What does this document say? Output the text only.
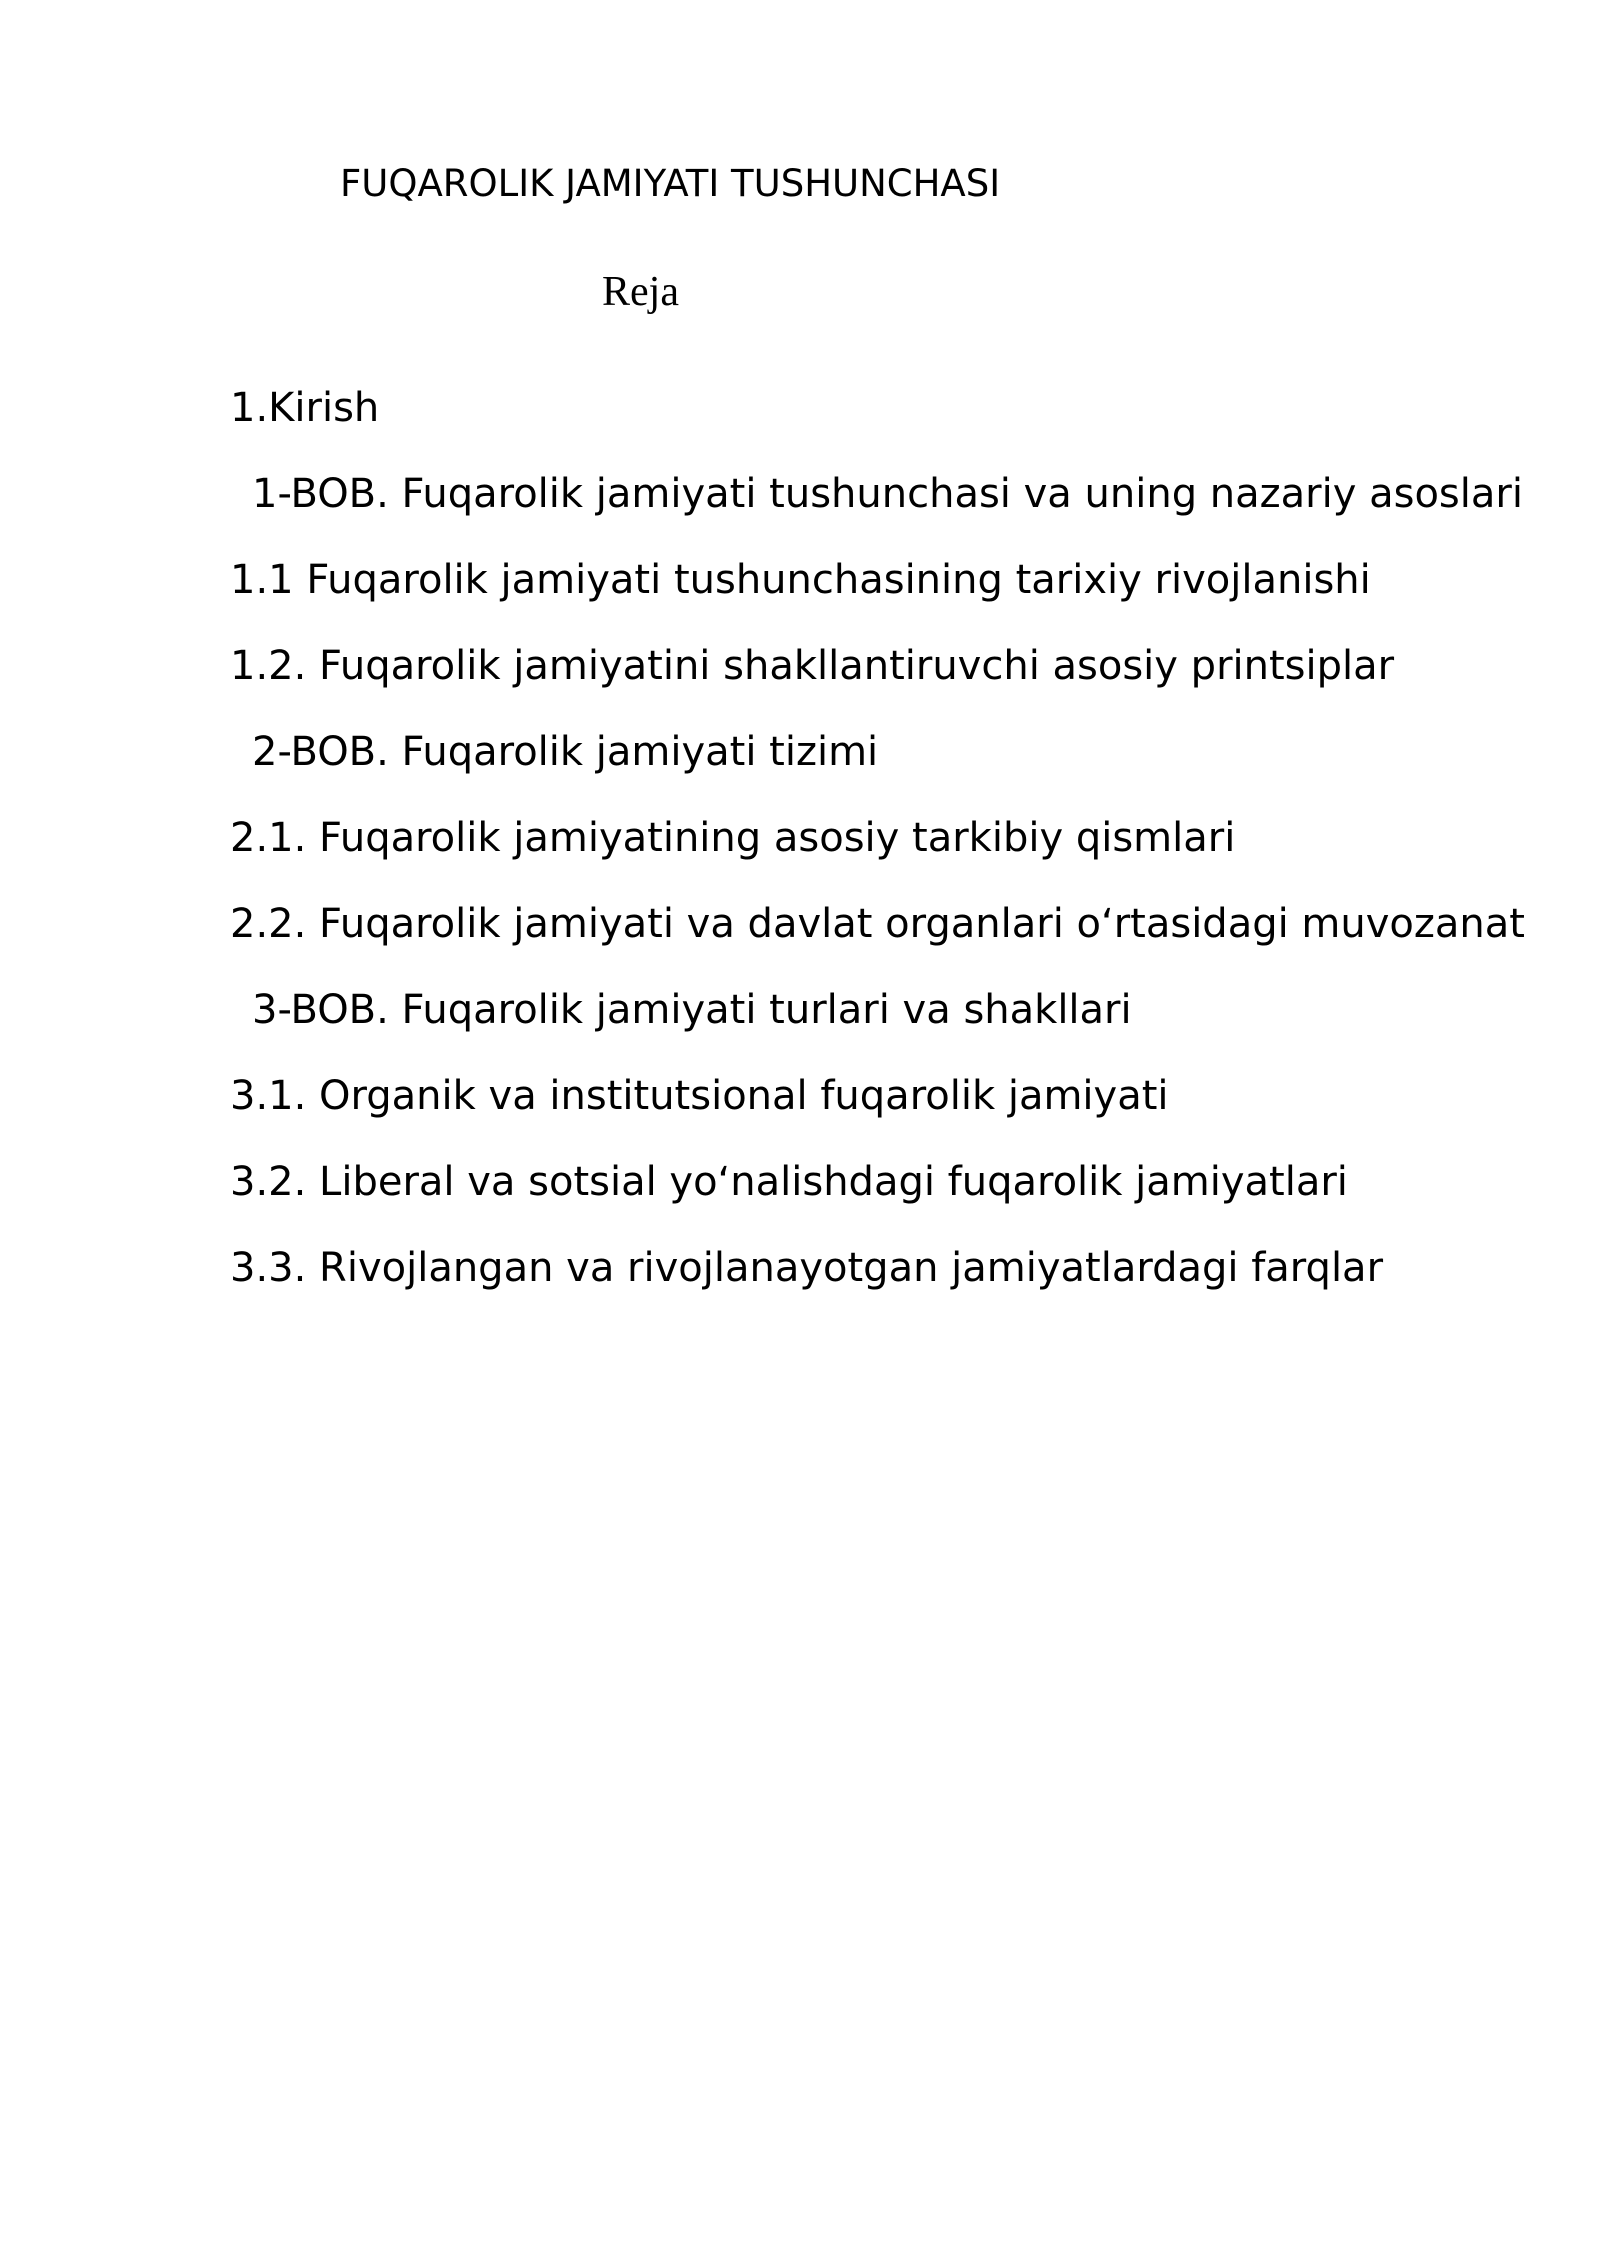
FUQAROLIK JAMIYATI TUSHUNCHASI
Reja
1.Kirish
1-BOB. Fuqarolik jamiyati tushunchasi va uning nazariy asoslari
1.1 Fuqarolik jamiyati tushunchasining tarixiy rivojlanishi
1.2. Fuqarolik jamiyatini shakllantiruvchi asosiy printsiplar
2-BOB. Fuqarolik jamiyati tizimi
2.1. Fuqarolik jamiyatining asosiy tarkibiy qismlari
2.2. Fuqarolik jamiyati va davlat organlari o‘rtasidagi muvozanat
3-BOB. Fuqarolik jamiyati turlari va shakllari
3.1. Organik va institutsional fuqarolik jamiyati
3.2. Liberal va sotsial yo‘nalishdagi fuqarolik jamiyatlari
3.3. Rivojlangan va rivojlanayotgan jamiyatlardagi farqlar
